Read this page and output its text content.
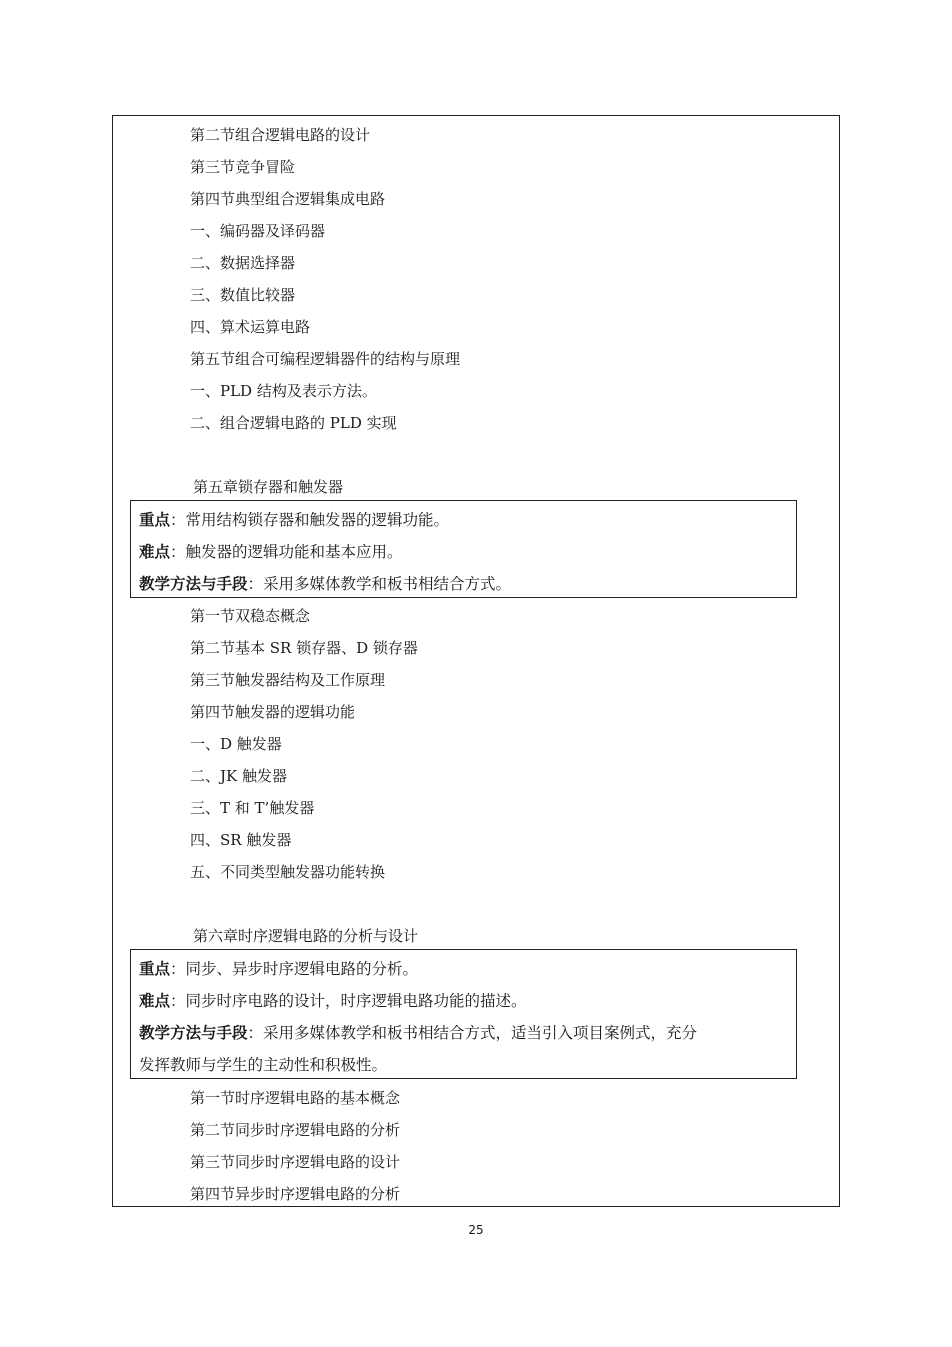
第二节组合逻辑电路的设计
第三节竞争冒险
第四节典型组合逻辑集成电路
一、编码器及译码器
二、数据选择器
三、数值比较器
四、算术运算电路
第五节组合可编程逻辑器件的结构与原理
一、PLD 结构及表示方法。
二、组合逻辑电路的 PLD 实现
第五章锁存器和触发器
重点：常用结构锁存器和触发器的逻辑功能。
难点：触发器的逻辑功能和基本应用。
教学方法与手段：采用多媒体教学和板书相结合方式。
第一节双稳态概念
第二节基本 SR 锁存器、D 锁存器
第三节触发器结构及工作原理
第四节触发器的逻辑功能
一、D 触发器
二、JK 触发器
三、T 和 T’触发器
四、SR 触发器
五、不同类型触发器功能转换
第六章时序逻辑电路的分析与设计
重点：同步、异步时序逻辑电路的分析。
难点：同步时序电路的设计，时序逻辑电路功能的描述。
教学方法与手段：采用多媒体教学和板书相结合方式，适当引入项目案例式，充分
发挥教师与学生的主动性和积极性。
第一节时序逻辑电路的基本概念
第二节同步时序逻辑电路的分析
第三节同步时序逻辑电路的设计
第四节异步时序逻辑电路的分析
25
